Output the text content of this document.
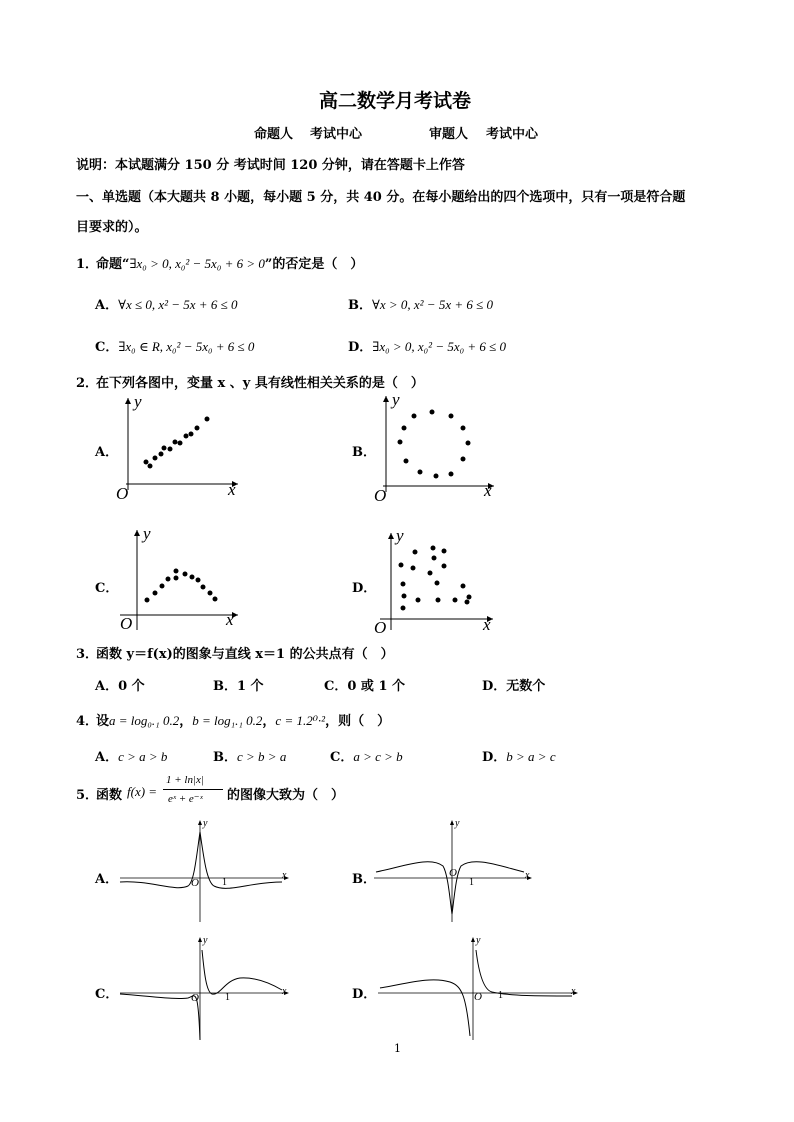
高二数学月考试卷
命题人 考试中心	审题人 考试中心
说明：本试题满分 150 分 考试时间 120 分钟，请在答题卡上作答
一、单选题（本大题共 8 小题，每小题 5 分，共 40 分。在每小题给出的四个选项中，只有一项是符合题
目要求的）。
1．
命题“∃x₀ > 0, x₀² − 5x₀ + 6 > 0”的否定是（　）
A．∀x ≤ 0, x² − 5x + 6 ≤ 0	B．∀x > 0, x² − 5x + 6 ≤ 0
C．∃x₀ ∈ R, x₀² − 5x₀ + 6 ≤ 0	D．∃x₀ > 0, x₀² − 5x₀ + 6 ≤ 0
2．
在下列各图中，变量 x 、y 具有线性相关关系的是（　）
A．
O	x
y
B．
O	x
y
C．
O	x
y
D．
O	x
y
3．
函数 y＝f(x)的图象与直线 x＝1 的公共点有（　）
A．0 个	B．1 个	C．0 或 1 个	D．无数个
4．
设a = log₀.₁ 0.2，b = log₁.₁ 0.2，c = 1.2⁰·²，则（　）
A．c > a > b	B．c > b > a	C．a > c > b	D．b > a > c
5．
函数 f(x) =
1 + ln|x|
eˣ + e⁻ˣ 的图像大致为（　）
A．	O 1
x
y
B．	O
1
x
y
C．	O	1
x
y
D．	O 1	x
y
1
